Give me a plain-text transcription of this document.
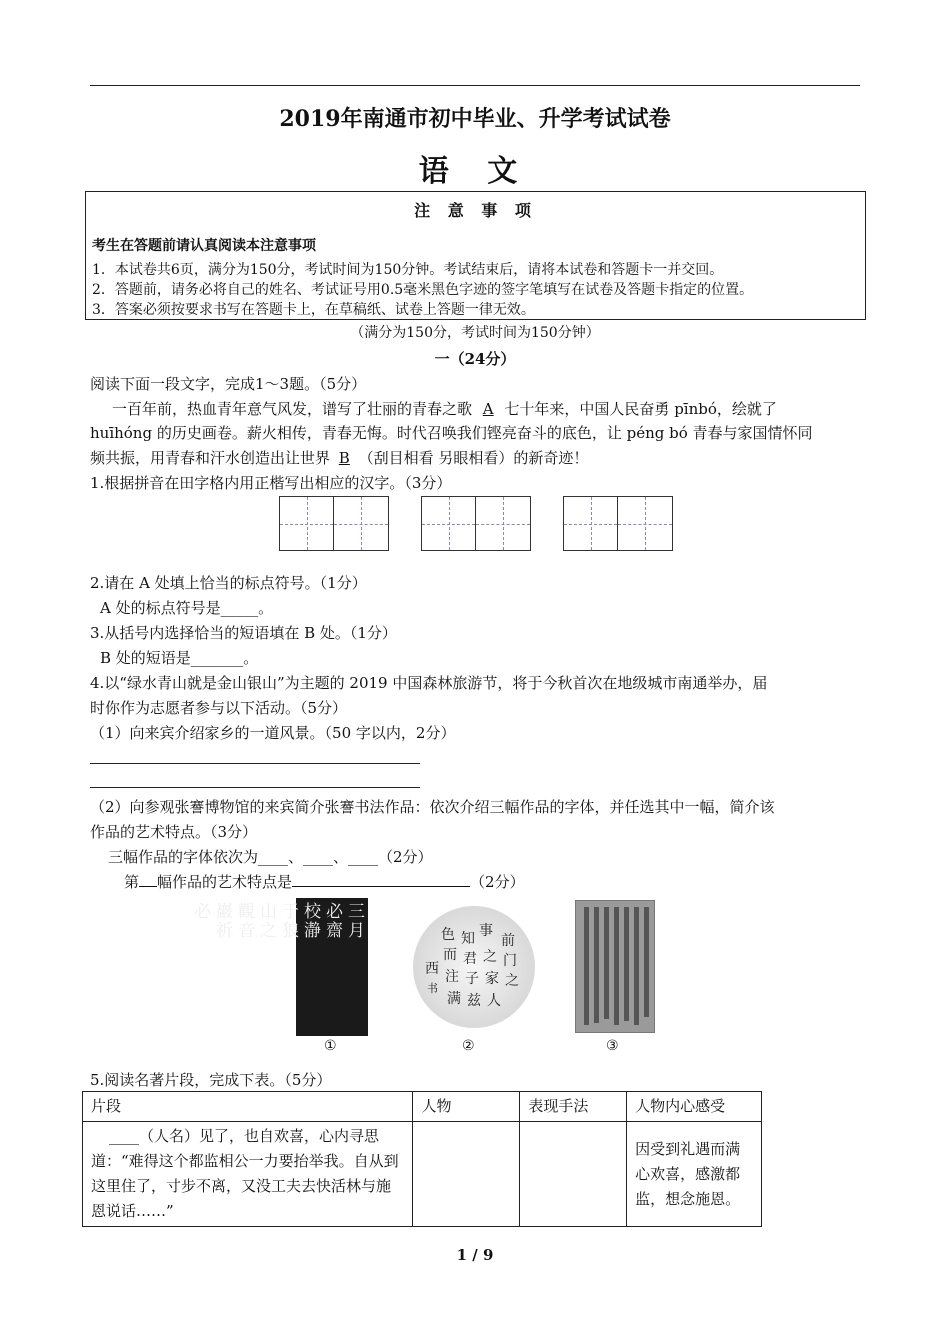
2019年南通市初中毕业、升学考试试卷
语 文
注 意 事 项
考生在答题前请认真阅读本注意事项
1．本试卷共6页，满分为150分，考试时间为150分钟。考试结束后，请将本试卷和答题卡一并交回。
2．答题前，请务必将自己的姓名、考试证号用0.5毫米黑色字迹的签字笔填写在试卷及答题卡指定的位置。
3．答案必须按要求书写在答题卡上，在草稿纸、试卷上答题一律无效。
（满分为150分，考试时间为150分钟）
一（24分）
阅读下面一段文字，完成1～3题。（5分）
一百年前，热血青年意气风发，谱写了壮丽的青春之歌 A 七十年来，中国人民奋勇 pīnbó，绘就了
huīhóng 的历史画卷。薪火相传，青春无悔。时代召唤我们铿亮奋斗的底色，让 péng bó 青春与家国情怀同
频共振，用青春和汗水创造出让世界 B （刮目相看 另眼相看）的新奇迹！
1.根据拼音在田字格内用正楷写出相应的汉字。（3分）
2.请在 A 处填上恰当的标点符号。（1分）
A 处的标点符号是_____。
3.从括号内选择恰当的短语填在 B 处。（1分）
B 处的短语是_______。
4.以“绿水青山就是金山银山”为主题的 2019 中国森林旅游节，将于今秋首次在地级城市南通举办，届
时你作为志愿者参与以下活动。（5分）
（1）向来宾介绍家乡的一道风景。（50 字以内，2分）
（2）向参观张謇博物馆的来宾简介张謇书法作品：依次介绍三幅作品的字体，并任选其中一幅，简介该
作品的艺术特点。（3分）
三幅作品的字体依次为____、____、____（2分）
第 幅作品的艺术特点是	（2分）
三月必齋校瀞于狼山之觀音巖祈必
事
前
门
之
知
君
子
之
家
而
注
人
兹
色
西
满
书
①	②	③
5.阅读名著片段，完成下表。（5分）
片段	人物	表现手法	人物内心感受
____（人名）见了，也自欢喜，心内寻思道：“难得这个都监相公一力要抬举我。自从到这里住了，寸步不离，又没工夫去快活林与施恩说话……”			因受到礼遇而满心欢喜，感激都监，想念施恩。
1 / 9
